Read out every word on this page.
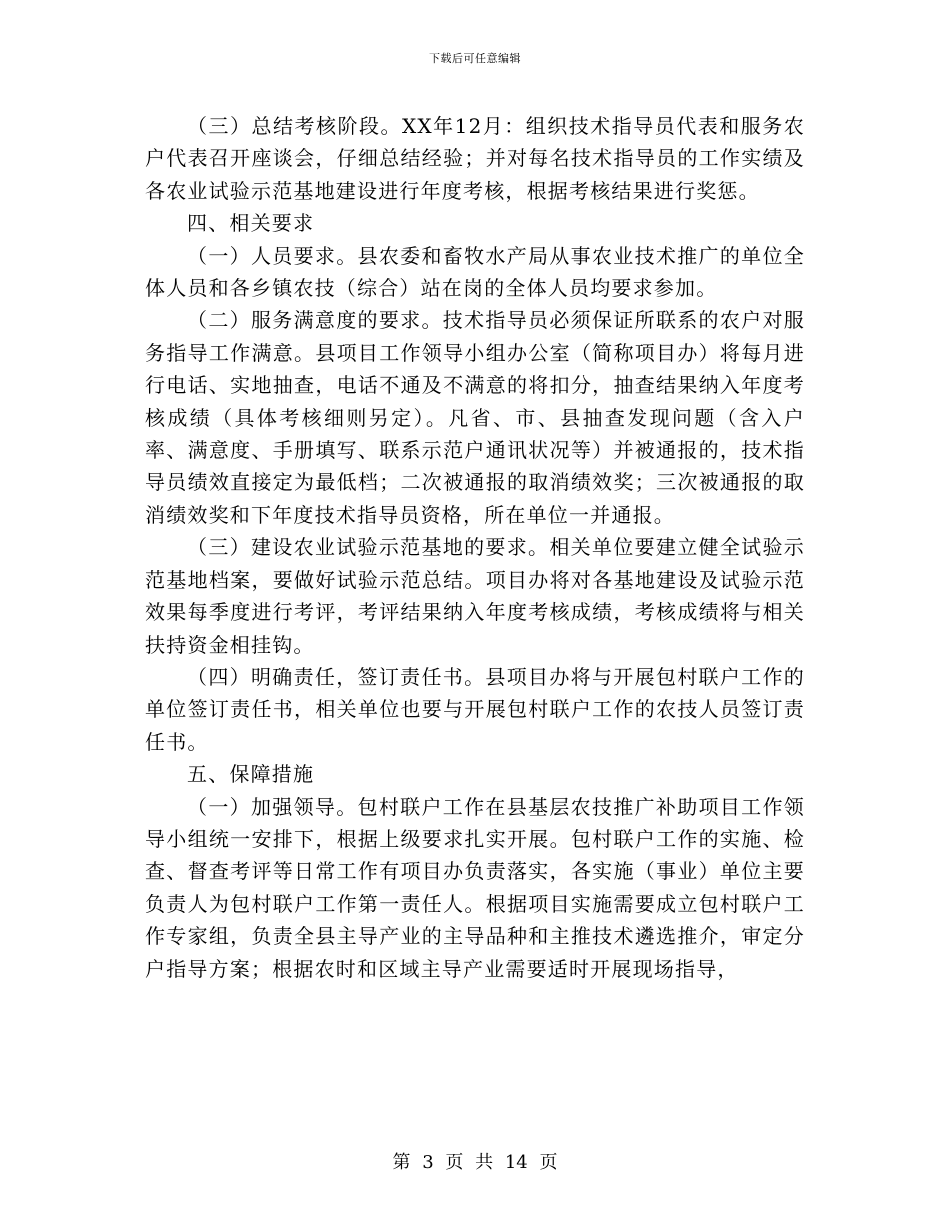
下载后可任意编辑

（三）总结考核阶段。XX年12月：组织技术指导员代表和服务农户代表召开座谈会，仔细总结经验；并对每名技术指导员的工作实绩及各农业试验示范基地建设进行年度考核，根据考核结果进行奖惩。

四、相关要求

（一）人员要求。县农委和畜牧水产局从事农业技术推广的单位全体人员和各乡镇农技（综合）站在岗的全体人员均要求参加。

（二）服务满意度的要求。技术指导员必须保证所联系的农户对服务指导工作满意。县项目工作领导小组办公室（简称项目办）将每月进行电话、实地抽查，电话不通及不满意的将扣分，抽查结果纳入年度考核成绩（具体考核细则另定）。凡省、市、县抽查发现问题（含入户率、满意度、手册填写、联系示范户通讯状况等）并被通报的，技术指导员绩效直接定为最低档；二次被通报的取消绩效奖；三次被通报的取消绩效奖和下年度技术指导员资格，所在单位一并通报。

（三）建设农业试验示范基地的要求。相关单位要建立健全试验示范基地档案，要做好试验示范总结。项目办将对各基地建设及试验示范效果每季度进行考评，考评结果纳入年度考核成绩，考核成绩将与相关扶持资金相挂钩。

（四）明确责任，签订责任书。县项目办将与开展包村联户工作的单位签订责任书，相关单位也要与开展包村联户工作的农技人员签订责任书。

五、保障措施

（一）加强领导。包村联户工作在县基层农技推广补助项目工作领导小组统一安排下，根据上级要求扎实开展。包村联户工作的实施、检查、督查考评等日常工作有项目办负责落实，各实施（事业）单位主要负责人为包村联户工作第一责任人。根据项目实施需要成立包村联户工作专家组，负责全县主导产业的主导品种和主推技术遴选推介，审定分户指导方案；根据农时和区域主导产业需要适时开展现场指导，

第 3 页 共 14 页
